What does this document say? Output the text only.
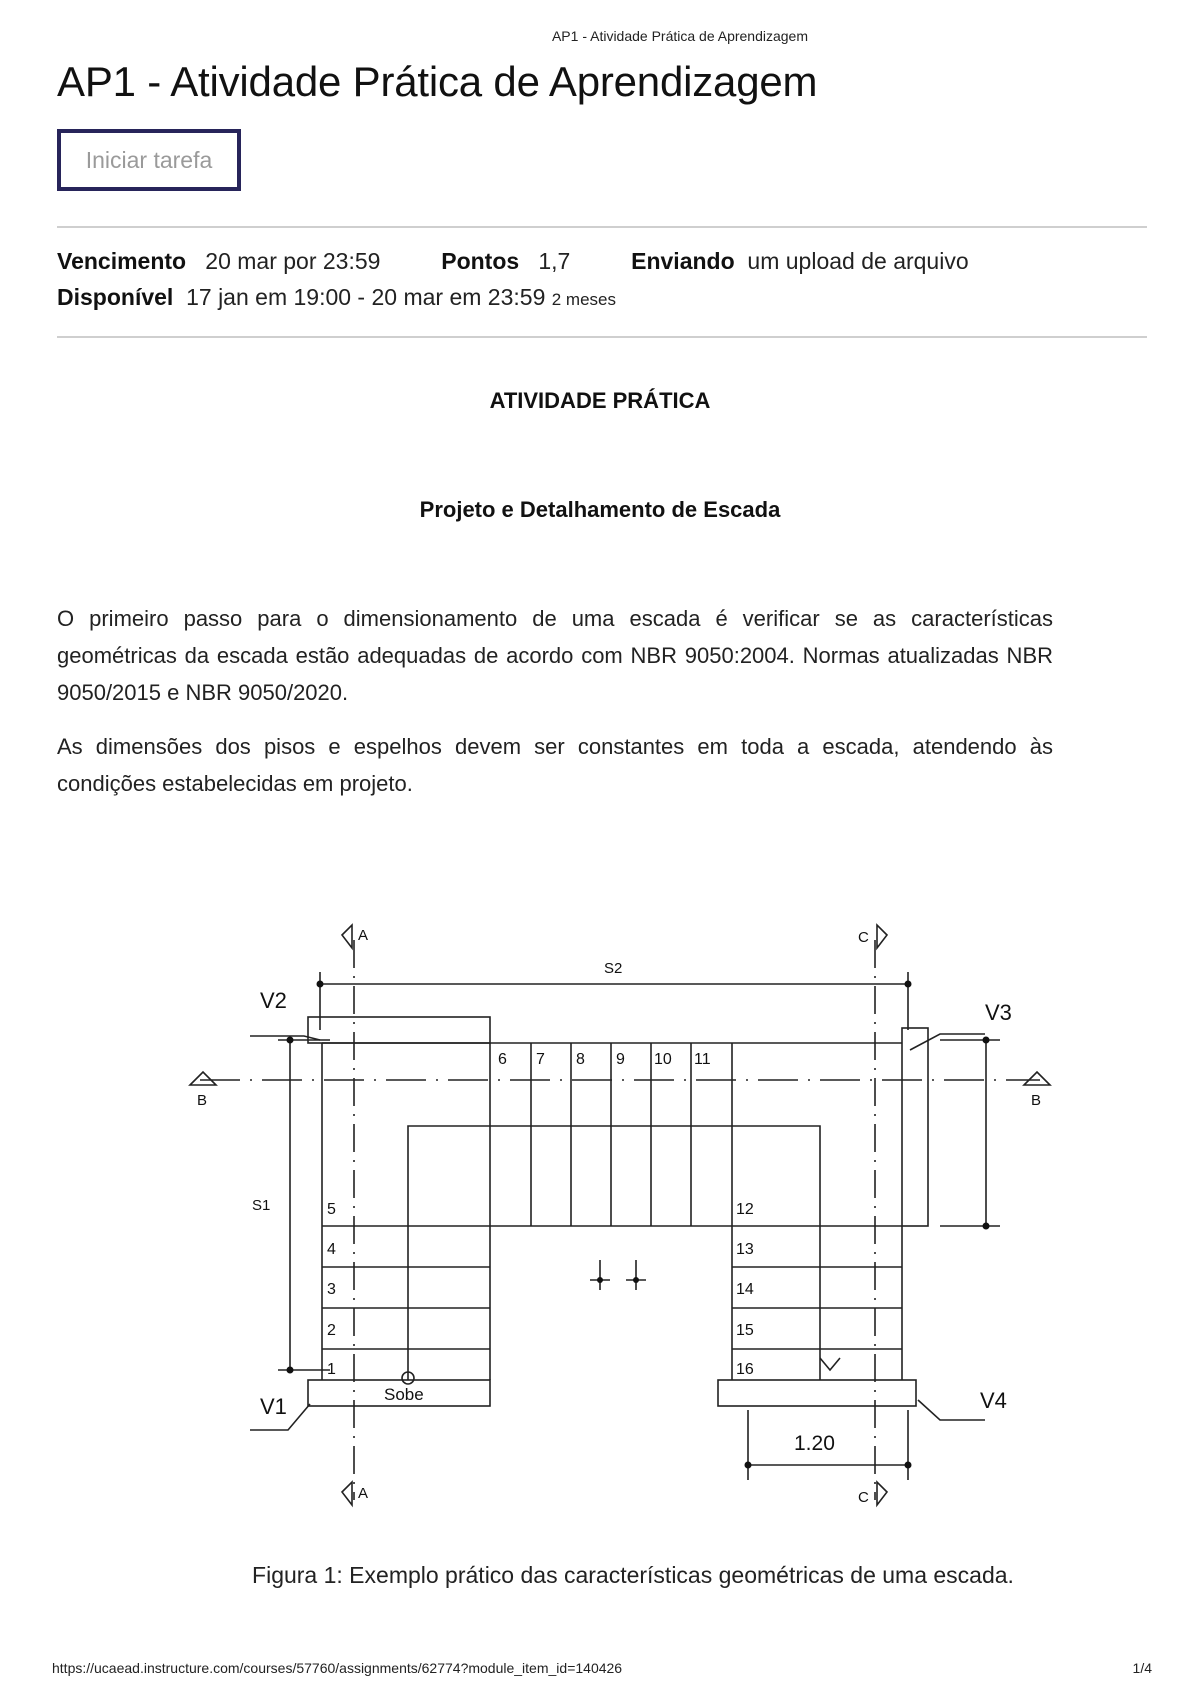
AP1 - Atividade Prática de Aprendizagem
AP1 - Atividade Prática de Aprendizagem
Iniciar tarefa
Vencimento 20 mar por 23:59	Pontos 1,7	Enviando um upload de arquivo
Disponível 17 jan em 19:00 - 20 mar em 23:59 2 meses
ATIVIDADE PRÁTICA
Projeto e Detalhamento de Escada

O primeiro passo para o dimensionamento de uma escada é verificar se as características geométricas da escada estão adequadas de acordo com NBR 9050:2004. Normas atualizadas NBR 9050/2015 e NBR 9050/2020.

As dimensões dos pisos e espelhos devem ser constantes em toda a escada, atendendo às condições estabelecidas em projeto.

V2
V1
V3
V4
S1
S2
A
A
C
C
B	B
Sobe
1.20
1
2
3
4
5
6 7 8 9 10 11
12
13
14
15
16
Figura 1: Exemplo prático das características geométricas de uma escada.
https://ucaead.instructure.com/courses/57760/assignments/62774?module_item_id=140426	1/4
